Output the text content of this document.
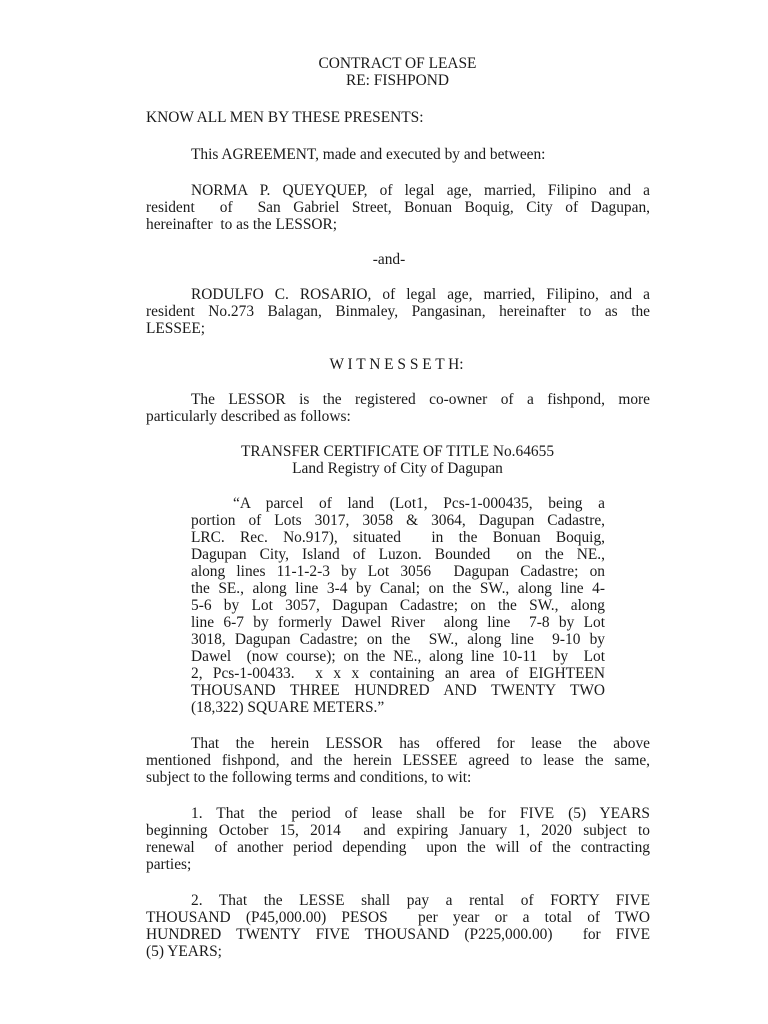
CONTRACT OF LEASE
RE: FISHPOND
KNOW ALL MEN BY THESE PRESENTS:
This AGREEMENT, made and executed by and between:
NORMA P. QUEYQUEP, of legal age, married, Filipino and a
resident  of  San Gabriel Street, Bonuan Boquig, City of Dagupan,
hereinafter  to as the LESSOR;
-and-
RODULFO C. ROSARIO, of legal age, married, Filipino, and a
resident No.273 Balagan, Binmaley, Pangasinan, hereinafter to as the
LESSEE;
W I T N E S S E T H:
The LESSOR is the registered co-owner of a fishpond, more
particularly described as follows:
TRANSFER CERTIFICATE OF TITLE No.64655
Land Registry of City of Dagupan
“A parcel of land (Lot1, Pcs-1-000435, being a
portion of Lots 3017, 3058 & 3064, Dagupan Cadastre,
LRC. Rec. No.917), situated  in the Bonuan Boquig,
Dagupan City, Island of Luzon. Bounded  on the NE.,
along lines 11-1-2-3 by Lot 3056  Dagupan Cadastre; on
the SE., along line 3-4 by Canal; on the SW., along line 4-
5-6 by Lot 3057, Dagupan Cadastre; on the SW., along
line 6-7 by formerly Dawel River  along line  7-8 by Lot
3018, Dagupan Cadastre; on the  SW., along line  9-10 by
Dawel  (now course); on the NE., along line 10-11  by  Lot
2, Pcs-1-00433.  x x x containing an area of EIGHTEEN
THOUSAND THREE HUNDRED AND TWENTY TWO
(18,322) SQUARE METERS.”
That the herein LESSOR has offered for lease the above
mentioned fishpond, and the herein LESSEE agreed to lease the same,
subject to the following terms and conditions, to wit:
1. That the period of lease shall be for FIVE (5) YEARS
beginning October 15, 2014  and expiring January 1, 2020 subject to
renewal  of another period depending  upon the will of the contracting
parties;
2. That the LESSE shall pay a rental of FORTY FIVE
THOUSAND (P45,000.00) PESOS  per year or a total of TWO
HUNDRED TWENTY FIVE THOUSAND (P225,000.00)  for FIVE
(5) YEARS;
